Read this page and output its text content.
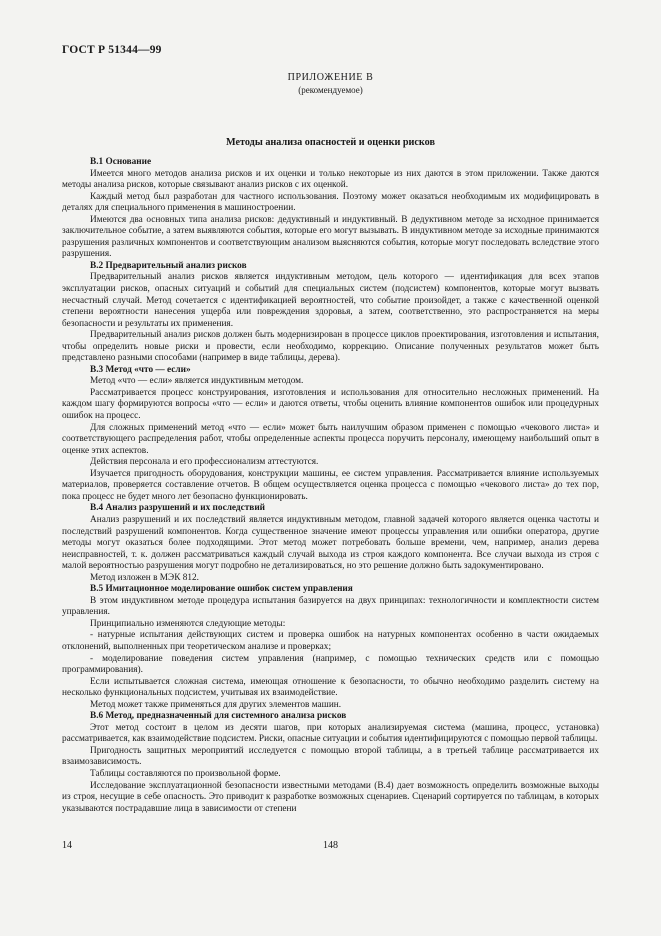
ГОСТ Р 51344—99
ПРИЛОЖЕНИЕ В
(рекомендуемое)
Методы анализа опасностей и оценки рисков
В.1 Основание

Имеется много методов анализа рисков и их оценки и только некоторые из них даются в этом приложении. Также даются методы анализа рисков, которые связывают анализ рисков с их оценкой.

Каждый метод был разработан для частного использования. Поэтому может оказаться необходимым их модифицировать в деталях для специального применения в машиностроении.

Имеются два основных типа анализа рисков: дедуктивный и индуктивный. В дедуктивном методе за исходное принимается заключительное событие, а затем выявляются события, которые его могут вызывать. В индуктивном методе за исходные принимаются разрушения различных компонентов и соответствующим анализом выясняются события, которые могут последовать вследствие этого разрушения.

В.2 Предварительный анализ рисков

Предварительный анализ рисков является индуктивным методом, цель которого — идентификация для всех этапов эксплуатации рисков, опасных ситуаций и событий для специальных систем (подсистем) компонентов, которые могут вызвать несчастный случай. Метод сочетается с идентификацией вероятностей, что событие произойдет, а также с качественной оценкой степени вероятности нанесения ущерба или повреждения здоровья, а затем, соответственно, это распространяется на меры безопасности и результаты их применения.

Предварительный анализ рисков должен быть модернизирован в процессе циклов проектирования, изготовления и испытания, чтобы определить новые риски и провести, если необходимо, коррекцию. Описание полученных результатов может быть представлено разными способами (например в виде таблицы, дерева).

В.3 Метод «что — если»

Метод «что — если» является индуктивным методом.

Рассматривается процесс конструирования, изготовления и использования для относительно несложных применений. На каждом шагу формируются вопросы «что — если» и даются ответы, чтобы оценить влияние компонентов ошибок или процедурных ошибок на процесс.

Для сложных применений метод «что — если» может быть наилучшим образом применен с помощью «чекового листа» и соответствующего распределения работ, чтобы определенные аспекты процесса поручить персоналу, имеющему наибольший опыт в оценке этих аспектов.

Действия персонала и его профессионализм аттестуются.

Изучается пригодность оборудования, конструкции машины, ее систем управления. Рассматривается влияние используемых материалов, проверяется составление отчетов. В общем осуществляется оценка процесса с помощью «чекового листа» до тех пор, пока процесс не будет много лет безопасно функционировать.

В.4 Анализ разрушений и их последствий

Анализ разрушений и их последствий является индуктивным методом, главной задачей которого является оценка частоты и последствий разрушений компонентов. Когда существенное значение имеют процессы управления или ошибки оператора, другие методы могут оказаться более подходящими. Этот метод может потребовать больше времени, чем, например, анализ дерева неисправностей, т. к. должен рассматриваться каждый случай выхода из строя каждого компонента. Все случаи выхода из строя с малой вероятностью разрушения могут подробно не детализироваться, но это решение должно быть задокументировано.

Метод изложен в МЭК 812.

В.5 Имитационное моделирование ошибок систем управления

В этом индуктивном методе процедура испытания базируется на двух принципах: технологичности и комплектности систем управления.

Принципиально изменяются следующие методы:

- натурные испытания действующих систем и проверка ошибок на натурных компонентах особенно в части ожидаемых отклонений, выполненных при теоретическом анализе и проверках;

- моделирование поведения систем управления (например, с помощью технических средств или с помощью программирования).

Если испытывается сложная система, имеющая отношение к безопасности, то обычно необходимо разделить систему на несколько функциональных подсистем, учитывая их взаимодействие.

Метод может также применяться для других элементов машин.

В.6 Метод, предназначенный для системного анализа рисков

Этот метод состоит в целом из десяти шагов, при которых анализируемая система (машина, процесс, установка) рассматривается, как взаимодействие подсистем. Риски, опасные ситуации и события идентифицируются с помощью первой таблицы.

Пригодность защитных мероприятий исследуется с помощью второй таблицы, а в третьей таблице рассматривается их взаимозависимость.

Таблицы составляются по произвольной форме.

Исследование эксплуатационной безопасности известными методами (В.4) дает возможность определить возможные выходы из строя, несущие в себе опасность. Это приводит к разработке возможных сценариев. Сценарий сортируется по таблицам, в которых указываются пострадавшие лица в зависимости от степени

14	148
